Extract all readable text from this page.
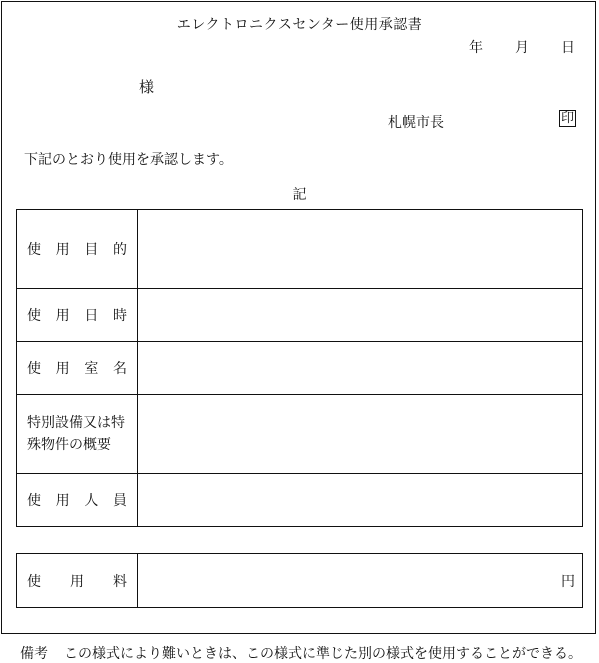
エレクトロニクスセンター使用承認書
年 月 日
様
札幌市長	印
下記のとおり使用を承認します。
記
使 用 目 的	

使 用 日 時	

使 用 室 名	

特別設備又は特
殊物件の概要	

使 用 人 員	

使 用 料	円
備考 この様式により難いときは、この様式に準じた別の様式を使用することができる。
